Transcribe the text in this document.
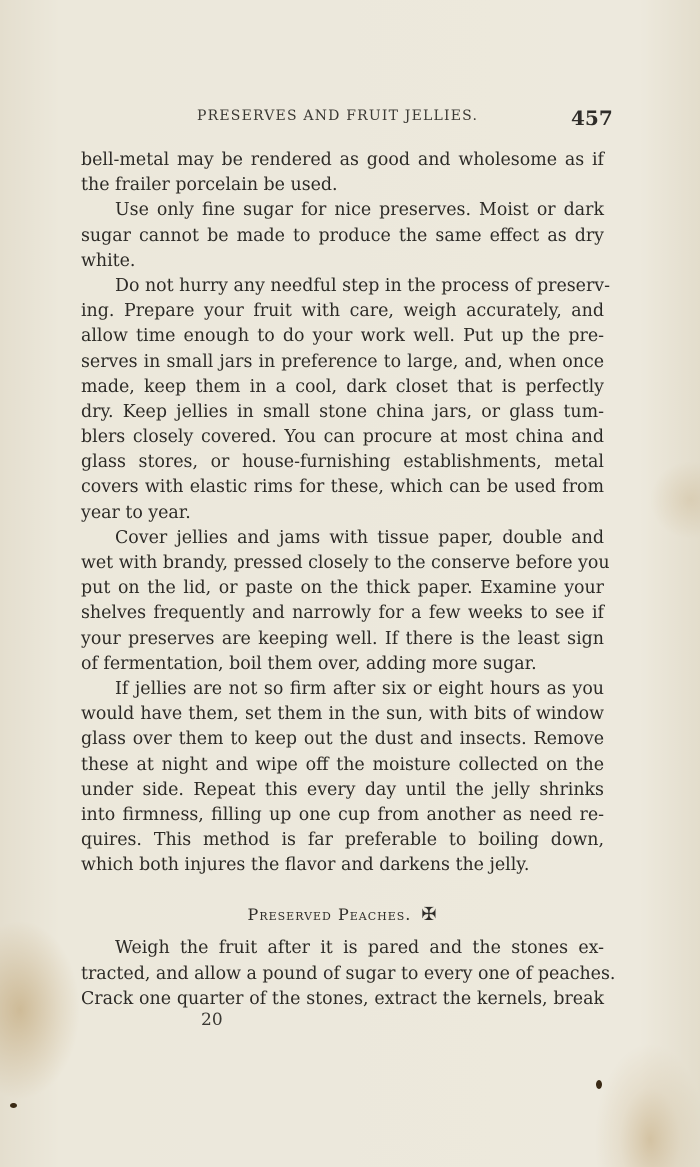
PRESERVES AND FRUIT JELLIES.	457
bell-metal may be rendered as good and wholesome as if
the frailer porcelain be used.
Use only fine sugar for nice preserves. Moist or dark
sugar cannot be made to produce the same effect as dry
white.
Do not hurry any needful step in the process of preserv-
ing. Prepare your fruit with care, weigh accurately, and
allow time enough to do your work well. Put up the pre-
serves in small jars in preference to large, and, when once
made, keep them in a cool, dark closet that is perfectly
dry. Keep jellies in small stone china jars, or glass tum-
blers closely covered. You can procure at most china and
glass stores, or house-furnishing establishments, metal
covers with elastic rims for these, which can be used from
year to year.
Cover jellies and jams with tissue paper, double and
wet with brandy, pressed closely to the conserve before you
put on the lid, or paste on the thick paper. Examine your
shelves frequently and narrowly for a few weeks to see if
your preserves are keeping well. If there is the least sign
of fermentation, boil them over, adding more sugar.
If jellies are not so firm after six or eight hours as you
would have them, set them in the sun, with bits of window
glass over them to keep out the dust and insects. Remove
these at night and wipe off the moisture collected on the
under side. Repeat this every day until the jelly shrinks
into firmness, filling up one cup from another as need re-
quires. This method is far preferable to boiling down,
which both injures the flavor and darkens the jelly.
Preserved Peaches. ✠
Weigh the fruit after it is pared and the stones ex-
tracted, and allow a pound of sugar to every one of peaches.
Crack one quarter of the stones, extract the kernels, break
20
